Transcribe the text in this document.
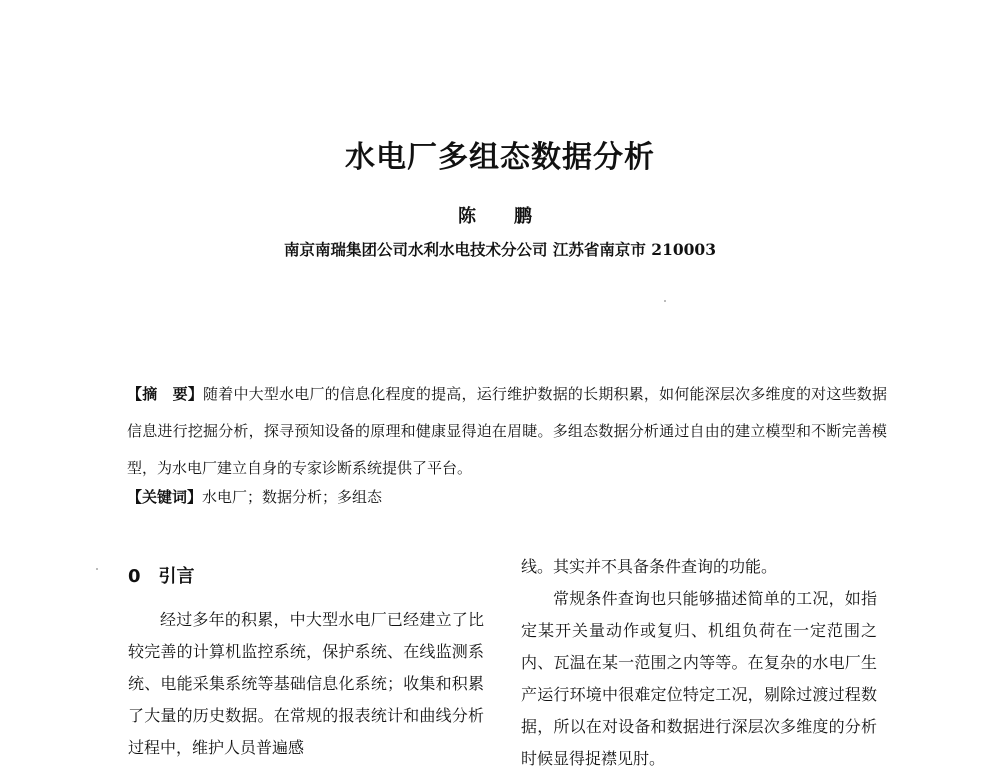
水电厂多组态数据分析
陈　鹏
南京南瑞集团公司水利水电技术分公司 江苏省南京市 210003
【摘　要】随着中大型水电厂的信息化程度的提高，运行维护数据的长期积累，如何能深层次多维度的对这些数据信息进行挖掘分析，探寻预知设备的原理和健康显得迫在眉睫。多组态数据分析通过自由的建立模型和不断完善模型，为水电厂建立自身的专家诊断系统提供了平台。
【关键词】水电厂；数据分析；多组态
0 引言

经过多年的积累，中大型水电厂已经建立了比较完善的计算机监控系统，保护系统、在线监测系统、电能采集系统等基础信息化系统；收集和积累了大量的历史数据。在常规的报表统计和曲线分析过程中，维护人员普遍感

线。其实并不具备条件查询的功能。

常规条件查询也只能够描述简单的工况，如指定某开关量动作或复归、机组负荷在一定范围之内、瓦温在某一范围之内等等。在复杂的水电厂生产运行环境中很难定位特定工况，剔除过渡过程数据，所以在对设备和数据进行深层次多维度的分析时候显得捉襟见肘。
